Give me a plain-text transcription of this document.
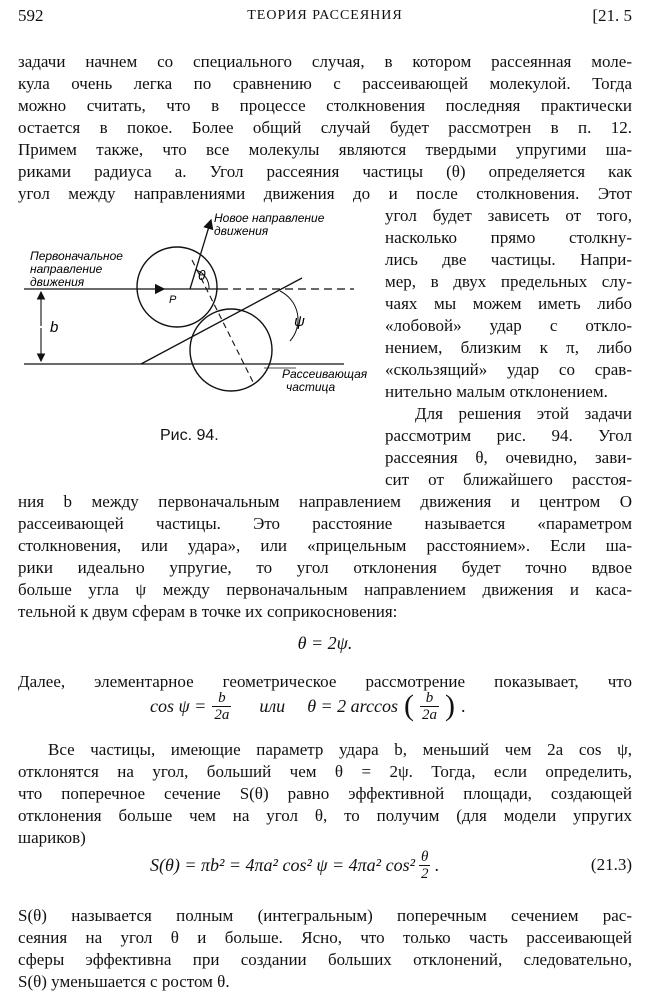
592	ТЕОРИЯ РАССЕЯНИЯ	[21. 5
задачи начнем со специального случая, в котором рассеянная моле-
кула очень легка по сравнению с рассеивающей молекулой. Тогда
можно считать, что в процессе столкновения последняя практически
остается в покое. Более общий случай будет рассмотрен в п. 12.
Примем также, что все молекулы являются твердыми упругими ша-
риками радиуса a. Угол рассеяния частицы (θ) определяется как
угол между направлениями движения до и после столкновения. Этот
угол будет зависеть от того,
насколько прямо столкну-
лись две частицы. Напри-
мер, в двух предельных слу-
чаях мы можем иметь либо
«лобовой» удар с откло-
нением, близким к π, либо
«скользящий» удар со срав-
нительно малым отклонением.
Для решения этой задачи
рассмотрим рис. 94. Угол
рассеяния θ, очевидно, зави-
сит от ближайшего расстоя-
Новое направление
движения
Первоначальное
направление
движения
Рассеивающая
частица
b
θ
ψ
P
Рис. 94.
ния b между первоначальным направлением движения и центром O
рассеивающей частицы. Это расстояние называется «параметром
столкновения, или удара», или «прицельным расстоянием». Если ша-
рики идеально упругие, то угол отклонения будет точно вдвое
больше угла ψ между первоначальным направлением движения и каса-
тельной к двум сферам в точке их соприкосновения:
θ = 2ψ.
Далее, элементарное геометрическое рассмотрение показывает, что
$\cos \psi = \frac{b}{2a}$ или θ = 2 arccos ( $\frac{b}{2a}$ ) .
Все частицы, имеющие параметр удара b, меньший чем 2a cos ψ,
отклонятся на угол, больший чем θ = 2ψ. Тогда, если определить,
что поперечное сечение S(θ) равно эффективной площади, создающей
отклонения больше чем на угол θ, то получим (для модели упругих
шариков)
S(θ) = πb² = 4πa² cos² ψ = 4πa² $\cos^2 \frac{\theta}{2}$ .	(21.3)
S(θ) называется полным (интегральным) поперечным сечением рас-
сеяния на угол θ и больше. Ясно, что только часть рассеивающей
сферы эффективна при создании больших отклонений, следовательно,
S(θ) уменьшается с ростом θ.
